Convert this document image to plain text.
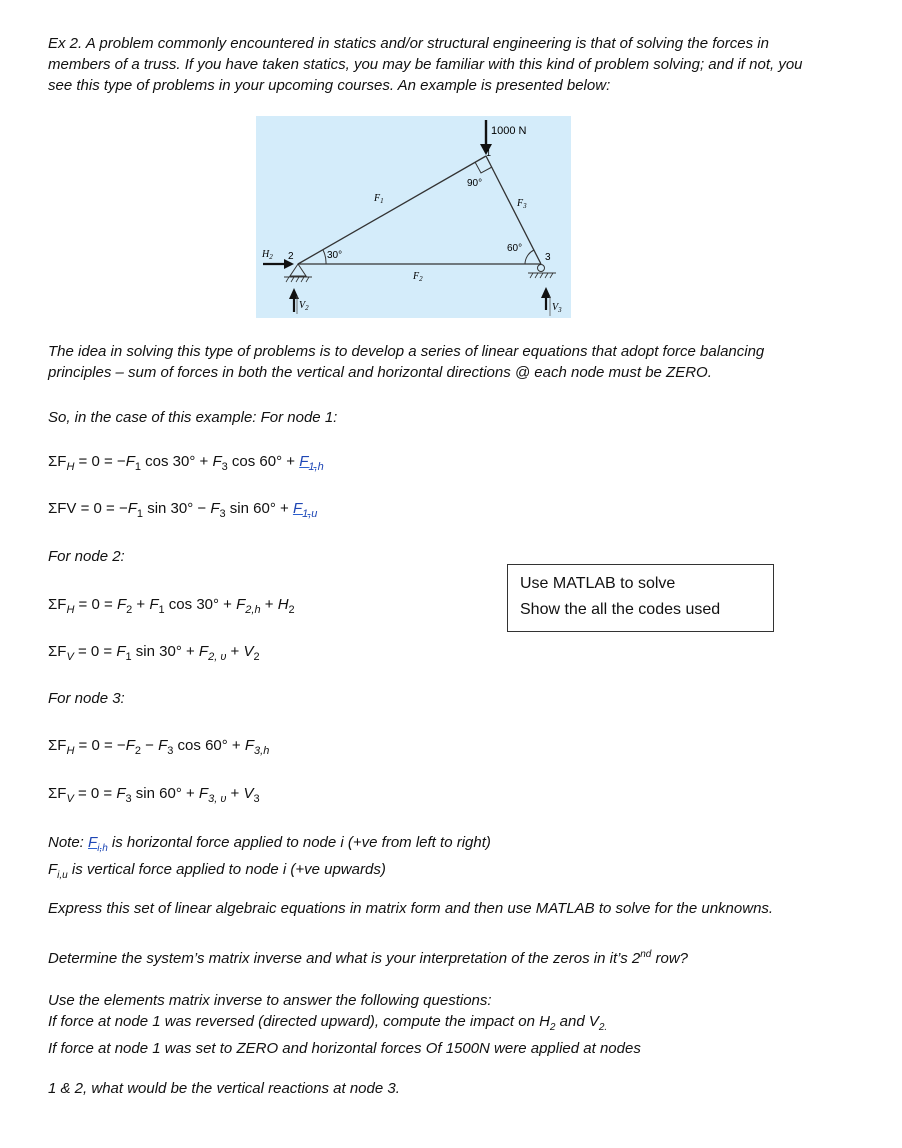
Ex 2. A problem commonly encountered in statics and/or structural engineering is that of solving the forces in
members of a truss. If you have taken statics, you may be familiar with this kind of problem solving; and if not, you
see this type of problems in your upcoming courses. An example is presented below:
1000 N
1
90°
$F_1$
$F_2$
$F_3$
30°
60°
2
$H_2$
$V_2$
3
$V_3$
The idea in solving this type of problems is to develop a series of linear equations that adopt force balancing
principles – sum of forces in both the vertical and horizontal directions @ each node must be ZERO.
So, in the case of this example: For node 1:
$\Sigma F_H = 0 = -F_1$ $\cos 30^\circ + F_3$ $\cos 60^\circ + F_{1,h}$
$\Sigma FV = 0 = -F_1$ $\sin 30^\circ - F_3$ $\sin 60^\circ + F_{1,u}$
For node 2:
Use MATLAB to solve
Show the all the codes used
$\Sigma F_H = 0 = F_2 + F_1$ $\cos 30^\circ + F_{2,h} + H_2$
$\Sigma F_V = 0 = F_1$ $\sin 30^\circ + F_{2, \upsilon} + V_2$
For node 3:
$\Sigma F_H = 0 = -F_2 - F_3$ $\cos 60^\circ + F_{3,h}$
$\Sigma F_V = 0 = F_3$ $\sin 60^\circ + F_{3, \upsilon} + V_3$
Note: $F_{i,h}$ is horizontal force applied to node i (+ve from left to right)
$F_{i,u}$ is vertical force applied to node i (+ve upwards)
Express this set of linear algebraic equations in matrix form and then use MATLAB to solve for the unknowns.
Determine the system’s matrix inverse and what is your interpretation of the zeros in it’s 2nd row?
Use the elements matrix inverse to answer the following questions:
If force at node 1 was reversed (directed upward), compute the impact on $H_2$ and $V_{2.}$
If force at node 1 was set to ZERO and horizontal forces Of 1500N were applied at nodes
1 & 2, what would be the vertical reactions at node 3.
